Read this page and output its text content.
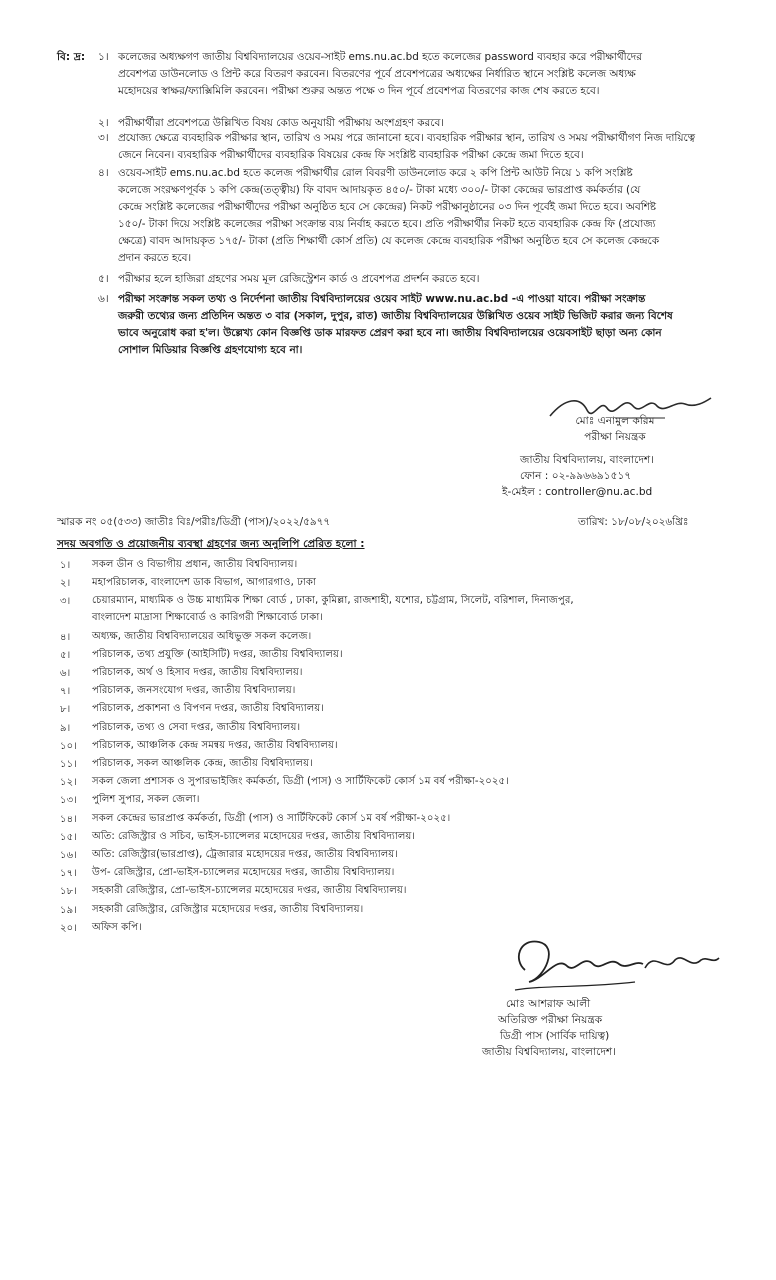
বি: দ্র: ১। কলেজের অধ্যক্ষগণ জাতীয় বিশ্ববিদ্যালয়ের ওয়েব-সাইট ems.nu.ac.bd হতে কলেজের password ব্যবহার করে পরীক্ষার্থীদের
প্রবেশপত্র ডাউনলোড ও প্রিন্ট করে বিতরণ করবেন। বিতরণের পূর্বে প্রবেশপত্রের অধ্যক্ষের নির্ধারিত স্থানে সংশ্লিষ্ট কলেজ অধ্যক্ষ
মহোদয়ের স্বাক্ষর/ফ্যাক্সিমিলি করবেন। পরীক্ষা শুরুর অন্তত পক্ষে ৩ দিন পূর্বে প্রবেশপত্র বিতরণের কাজ শেষ করতে হবে।
২। পরীক্ষার্থীরা প্রবেশপত্রে উল্লিখিত বিষয় কোড অনুযায়ী পরীক্ষায় অংশগ্রহণ করবে।
৩। প্রযোজ্য ক্ষেত্রে ব্যবহারিক পরীক্ষার স্থান, তারিখ ও সময় পরে জানানো হবে। ব্যবহারিক পরীক্ষার স্থান, তারিখ ও সময় পরীক্ষার্থীগণ নিজ দায়িত্বে
জেনে নিবেন। ব্যবহারিক পরীক্ষার্থীদের ব্যবহারিক বিষয়ের কেন্দ্র ফি সংশ্লিষ্ট ব্যবহারিক পরীক্ষা কেন্দ্রে জমা দিতে হবে।
৪। ওয়েব-সাইট ems.nu.ac.bd হতে কলেজ পরীক্ষার্থীর রোল বিবরণী ডাউনলোড করে ২ কপি প্রিন্ট আউট নিয়ে ১ কপি সংশ্লিষ্ট
কলেজে সংরক্ষণপূর্বক ১ কপি কেন্দ্র(তত্ত্বীয়) ফি বাবদ আদায়কৃত ৪৫০/- টাকা মধ্যে ৩০০/- টাকা কেন্দ্রের ভারপ্রাপ্ত কর্মকর্তার (যে
কেন্দ্রে সংশ্লিষ্ট কলেজের পরীক্ষার্থীদের পরীক্ষা অনুষ্ঠিত হবে সে কেন্দ্রের) নিকট পরীক্ষানুষ্ঠানের ০৩ দিন পূর্বেই জমা দিতে হবে। অবশিষ্ট
১৫০/- টাকা দিয়ে সংশ্লিষ্ট কলেজের পরীক্ষা সংক্রান্ত ব্যয় নির্বাহ করতে হবে। প্রতি পরীক্ষার্থীর নিকট হতে ব্যবহারিক কেন্দ্র ফি (প্রযোজ্য
ক্ষেত্রে) বাবদ আদায়কৃত ১৭৫/- টাকা (প্রতি শিক্ষার্থী কোর্স প্রতি) যে কলেজ কেন্দ্রে ব্যবহারিক পরীক্ষা অনুষ্ঠিত হবে সে কলেজ কেন্দ্রকে
প্রদান করতে হবে।
৫। পরীক্ষার হলে হাজিরা গ্রহণের সময় মূল রেজিস্ট্রেশন কার্ড ও প্রবেশপত্র প্রদর্শন করতে হবে।
৬। পরীক্ষা সংক্রান্ত সকল তথ্য ও নির্দেশনা জাতীয় বিশ্ববিদ্যালয়ের ওয়েব সাইট www.nu.ac.bd -এ পাওয়া যাবে। পরীক্ষা সংক্রান্ত
জরুরী তথ্যের জন্য প্রতিদিন অন্তত ৩ বার (সকাল, দুপুর, রাত) জাতীয় বিশ্ববিদ্যালয়ের উল্লিখিত ওয়েব সাইট ভিজিট করার জন্য বিশেষ
ভাবে অনুরোধ করা হ'ল। উল্লেখ্য কোন বিজ্ঞপ্তি ডাক মারফত প্রেরণ করা হবে না। জাতীয় বিশ্ববিদ্যালয়ের ওয়েবসাইট ছাড়া অন্য কোন
সোশাল মিডিয়ার বিজ্ঞপ্তি গ্রহণযোগ্য হবে না।
মোঃ এনামুল করিম
পরীক্ষা নিয়ন্ত্রক
জাতীয় বিশ্ববিদ্যালয়, বাংলাদেশ।
ফোন : ০২-৯৯৬৬৯১৫১৭
ই-মেইল : controller@nu.ac.bd
স্মারক নং ০৫(৫৩৩) জাতীঃ বিঃ/পরীঃ/ডিগ্রী (পাস)/২০২২/৫৯৭৭	তারিখ: ১৮/০৮/২০২৬খ্রিঃ
সদয় অবগতি ও প্রয়োজনীয় ব্যবস্থা গ্রহণের জন্য অনুলিপি প্রেরিত হলো :
১। সকল ডীন ও বিভাগীয় প্রধান, জাতীয় বিশ্ববিদ্যালয়।
২। মহাপরিচালক, বাংলাদেশ ডাক বিভাগ, আগারগাও, ঢাকা
৩। চেয়ারম্যান, মাধ্যমিক ও উচ্চ মাধ্যমিক শিক্ষা বোর্ড , ঢাকা, কুমিল্লা, রাজশাহী, যশোর, চট্টগ্রাম, সিলেট, বরিশাল, দিনাজপুর,
বাংলাদেশ মাদ্রাসা শিক্ষাবোর্ড ও কারিগরী শিক্ষাবোর্ড ঢাকা।
৪। অধ্যক্ষ, জাতীয় বিশ্ববিদ্যালয়ের অধিভুক্ত সকল কলেজ।
৫। পরিচালক, তথ্য প্রযুক্তি (আইসিটি) দপ্তর, জাতীয় বিশ্ববিদ্যালয়।
৬। পরিচালক, অর্থ ও হিসাব দপ্তর, জাতীয় বিশ্ববিদ্যালয়।
৭। পরিচালক, জনসংযোগ দপ্তর, জাতীয় বিশ্ববিদ্যালয়।
৮। পরিচালক, প্রকাশনা ও বিপণন দপ্তর, জাতীয় বিশ্ববিদ্যালয়।
৯। পরিচালক, তথ্য ও সেবা দপ্তর, জাতীয় বিশ্ববিদ্যালয়।
১০। পরিচালক, আঞ্চলিক কেন্দ্র সমন্বয় দপ্তর, জাতীয় বিশ্ববিদ্যালয়।
১১। পরিচালক, সকল আঞ্চলিক কেন্দ্র, জাতীয় বিশ্ববিদ্যালয়।
১২। সকল জেলা প্রশাসক ও সুপারভাইজিং কর্মকর্তা, ডিগ্রী (পাস) ও সার্টিফিকেট কোর্স ১ম বর্ষ পরীক্ষা-২০২৫।
১৩। পুলিশ সুপার, সকল জেলা।
১৪। সকল কেন্দ্রের ভারপ্রাপ্ত কর্মকর্তা, ডিগ্রী (পাস) ও সার্টিফিকেট কোর্স ১ম বর্ষ পরীক্ষা-২০২৫।
১৫। অতি: রেজিস্ট্রার ও সচিব, ভাইস-চ্যান্সেলর মহোদয়ের দপ্তর, জাতীয় বিশ্ববিদ্যালয়।
১৬। অতি: রেজিস্ট্রার(ভারপ্রাপ্ত), ট্রেজারার মহোদয়ের দপ্তর, জাতীয় বিশ্ববিদ্যালয়।
১৭। উপ- রেজিস্ট্রার, প্রো-ভাইস-চ্যান্সেলর মহোদয়ের দপ্তর, জাতীয় বিশ্ববিদ্যালয়।
১৮। সহকারী রেজিস্ট্রার, প্রো-ভাইস-চ্যান্সেলর মহোদয়ের দপ্তর, জাতীয় বিশ্ববিদ্যালয়।
১৯। সহকারী রেজিস্ট্রার, রেজিস্ট্রার মহোদয়ের দপ্তর, জাতীয় বিশ্ববিদ্যালয়।
২০। অফিস কপি।
মোঃ আশরাফ আলী
অতিরিক্ত পরীক্ষা নিয়ন্ত্রক
ডিগ্রী পাস (সার্বিক দায়িত্ব)
জাতীয় বিশ্ববিদ্যালয়, বাংলাদেশ।
